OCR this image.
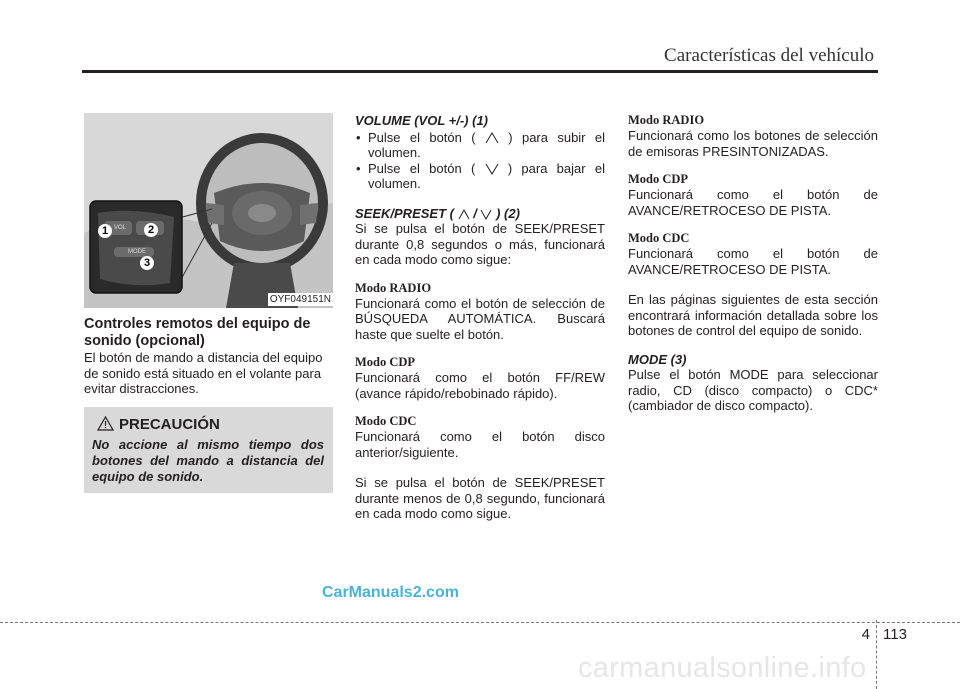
Características del vehículo
VOL
MODE
1	2
3
OYF049151N
Controles remotos del equipo de sonido (opcional)
El botón de mando a distancia del equipo de sonido está situado en el volante para evitar distracciones.
PRECAUCIÓN
No accione al mismo tiempo dos botones del mando a distancia del equipo de sonido.
VOLUME (VOL +/-) (1)
• Pulse el botón (	) para subir el volumen.
• Pulse el botón (	) para bajar el volumen.
SEEK/PRESET ( / ) (2)
Si se pulsa el botón de SEEK/PRESET durante 0,8 segundos o más, funcionará en cada modo como sigue:
Modo RADIO
Funcionará como el botón de selección de BÚSQUEDA AUTOMÁTICA. Buscará haste que suelte el botón.
Modo CDP
Funcionará como el botón FF/REW (avance rápido/rebobinado rápido).
Modo CDC
Funcionará como el botón disco anterior/siguiente.
Si se pulsa el botón de SEEK/PRESET durante menos de 0,8 segundo, funcionará en cada modo como sigue.
Modo RADIO
Funcionará como los botones de selección de emisoras PRESINTONIZADAS.
Modo CDP
Funcionará como el botón de AVANCE/RETROCESO DE PISTA.
Modo CDC
Funcionará como el botón de AVANCE/RETROCESO DE PISTA.
En las páginas siguientes de esta sección encontrará información detallada sobre los botones de control del equipo de sonido.
MODE (3)
Pulse el botón MODE para seleccionar radio, CD (disco compacto) o CDC* (cambiador de disco compacto).
CarManuals2.com
4 113
carmanualsonline.info
